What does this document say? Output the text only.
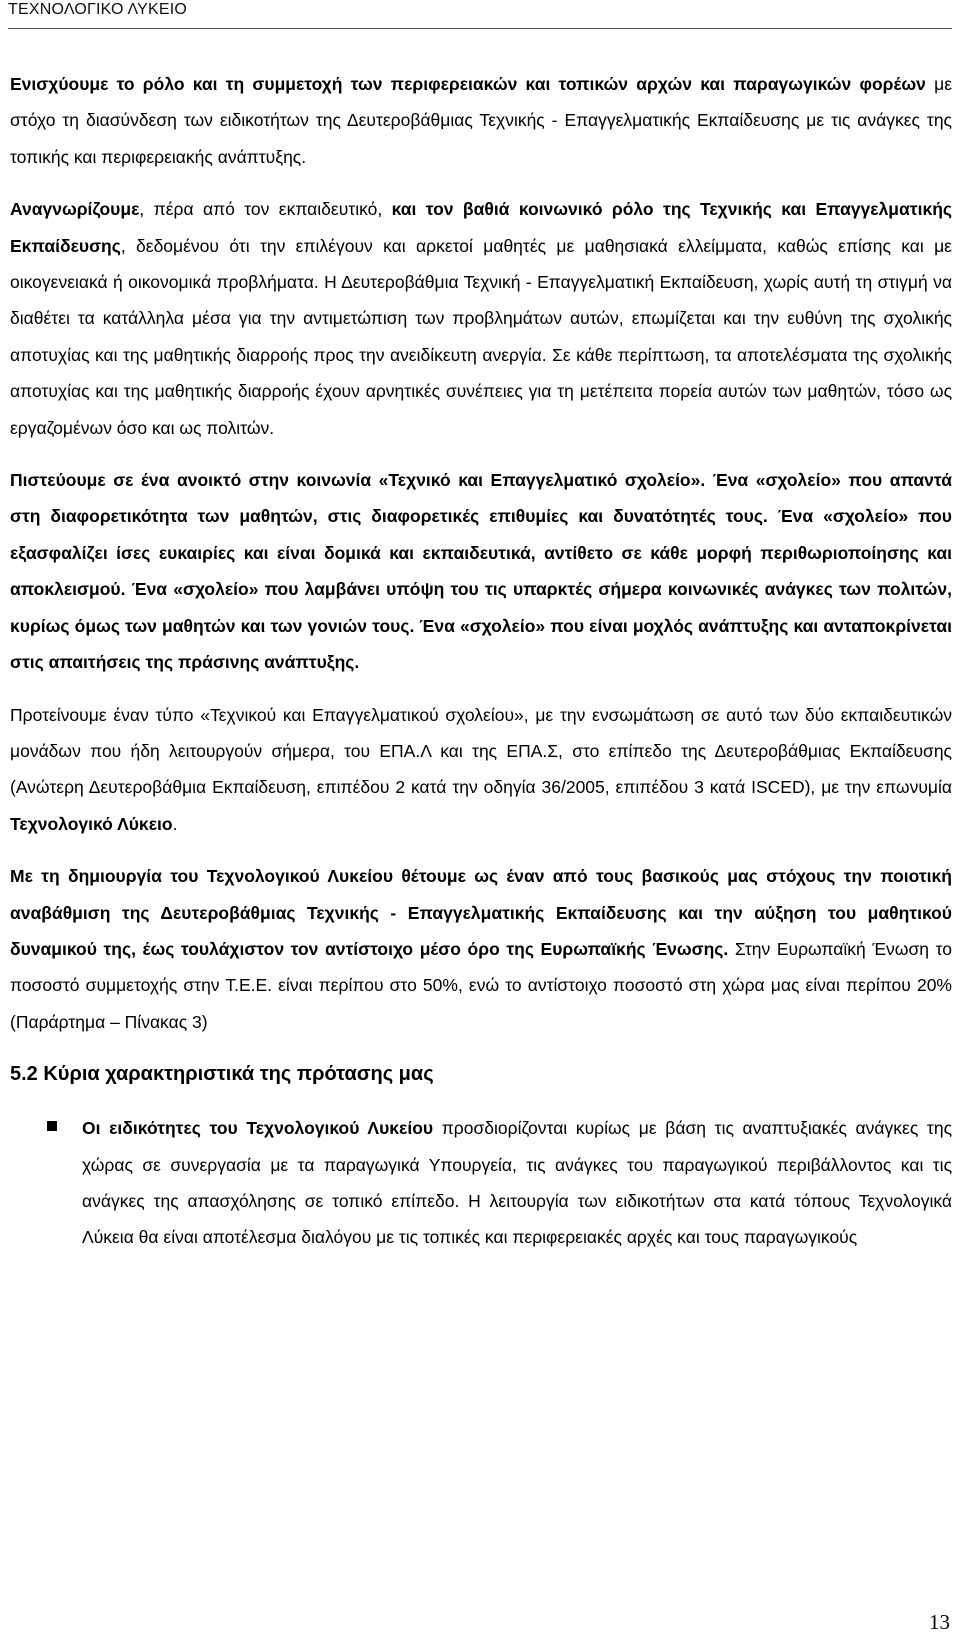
ΤΕΧΝΟΛΟΓΙΚΟ ΛΥΚΕΙΟ

Ενισχύουμε το ρόλο και τη συμμετοχή των περιφερειακών και τοπικών αρχών και παραγωγικών φορέων με στόχο τη διασύνδεση των ειδικοτήτων της Δευτεροβάθμιας Τεχνικής - Επαγγελματικής Εκπαίδευσης με τις ανάγκες της τοπικής και περιφερειακής ανάπτυξης.

Αναγνωρίζουμε, πέρα από τον εκπαιδευτικό, και τον βαθιά κοινωνικό ρόλο της Τεχνικής και Επαγγελματικής Εκπαίδευσης, δεδομένου ότι την επιλέγουν και αρκετοί μαθητές με μαθησιακά ελλείμματα, καθώς επίσης και με οικογενειακά ή οικονομικά προβλήματα. Η Δευτεροβάθμια Τεχνική - Επαγγελματική Εκπαίδευση, χωρίς αυτή τη στιγμή να διαθέτει τα κατάλληλα μέσα για την αντιμετώπιση των προβλημάτων αυτών, επωμίζεται και την ευθύνη της σχολικής αποτυχίας και της μαθητικής διαρροής προς την ανειδίκευτη ανεργία. Σε κάθε περίπτωση, τα αποτελέσματα της σχολικής αποτυχίας και της μαθητικής διαρροής έχουν αρνητικές συνέπειες για τη μετέπειτα πορεία αυτών των μαθητών, τόσο ως εργαζομένων όσο και ως πολιτών.

Πιστεύουμε σε ένα ανοικτό στην κοινωνία «Τεχνικό και Επαγγελματικό σχολείο». Ένα «σχολείο» που απαντά στη διαφορετικότητα των μαθητών, στις διαφορετικές επιθυμίες και δυνατότητές τους. Ένα «σχολείο» που εξασφαλίζει ίσες ευκαιρίες και είναι δομικά και εκπαιδευτικά, αντίθετο σε κάθε μορφή περιθωριοποίησης και αποκλεισμού. Ένα «σχολείο» που λαμβάνει υπόψη του τις υπαρκτές σήμερα κοινωνικές ανάγκες των πολιτών, κυρίως όμως των μαθητών και των γονιών τους. Ένα «σχολείο» που είναι μοχλός ανάπτυξης και ανταποκρίνεται στις απαιτήσεις της πράσινης ανάπτυξης.

Προτείνουμε έναν τύπο «Τεχνικού και Επαγγελματικού σχολείου», με την ενσωμάτωση σε αυτό των δύο εκπαιδευτικών μονάδων που ήδη λειτουργούν σήμερα, του ΕΠΑ.Λ και της ΕΠΑ.Σ, στο επίπεδο της Δευτεροβάθμιας Εκπαίδευσης (Ανώτερη Δευτεροβάθμια Εκπαίδευση, επιπέδου 2 κατά την οδηγία 36/2005, επιπέδου 3 κατά ISCED), με την επωνυμία Τεχνολογικό Λύκειο.

Με τη δημιουργία του Τεχνολογικού Λυκείου θέτουμε ως έναν από τους βασικούς μας στόχους την ποιοτική αναβάθμιση της Δευτεροβάθμιας Τεχνικής - Επαγγελματικής Εκπαίδευσης και την αύξηση του μαθητικού δυναμικού της, έως τουλάχιστον τον αντίστοιχο μέσο όρο της Ευρωπαϊκής Ένωσης. Στην Ευρωπαϊκή Ένωση το ποσοστό συμμετοχής στην Τ.Ε.Ε. είναι περίπου στο 50%, ενώ το αντίστοιχο ποσοστό στη χώρα μας είναι περίπου 20% (Παράρτημα – Πίνακας 3)

5.2 Κύρια χαρακτηριστικά της πρότασης μας
Οι ειδικότητες του Τεχνολογικού Λυκείου προσδιορίζονται κυρίως με βάση τις αναπτυξιακές ανάγκες της χώρας σε συνεργασία με τα παραγωγικά Υπουργεία, τις ανάγκες του παραγωγικού περιβάλλοντος και τις ανάγκες της απασχόλησης σε τοπικό επίπεδο. Η λειτουργία των ειδικοτήτων στα κατά τόπους Τεχνολογικά Λύκεια θα είναι αποτέλεσμα διαλόγου με τις τοπικές και περιφερειακές αρχές και τους παραγωγικούς
13
